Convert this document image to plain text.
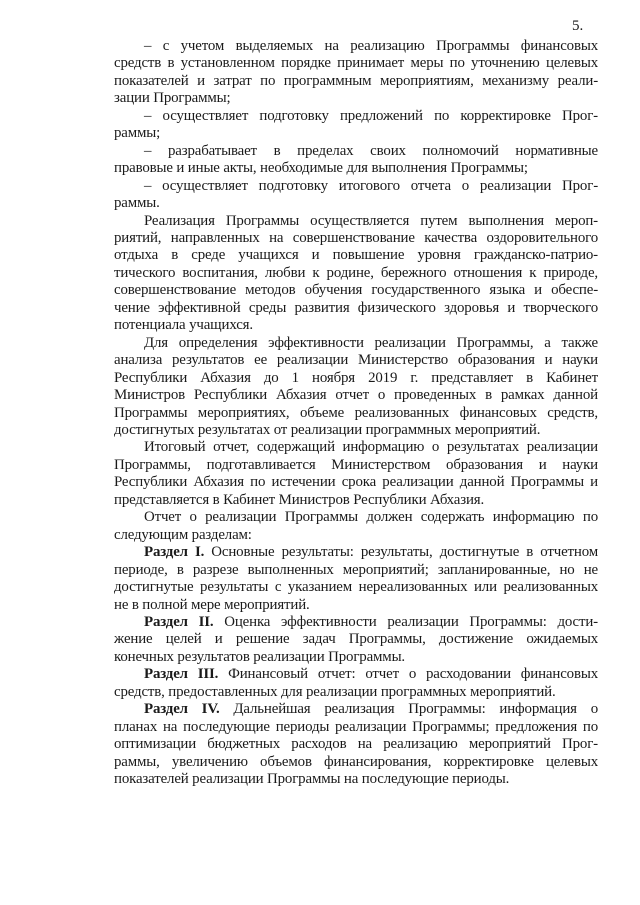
5.
– с учетом выделяемых на реализацию Программы финансовых
средств в установленном порядке принимает меры по уточнению целевых
показателей и затрат по программным мероприятиям, механизму реали-
зации Программы;
– осуществляет подготовку предложений по корректировке Прог-
раммы;
– разрабатывает в пределах своих полномочий нормативные
правовые и иные акты, необходимые для выполнения Программы;
– осуществляет подготовку итогового отчета о реализации Прог-
раммы.
Реализация Программы осуществляется путем выполнения мероп-
риятий, направленных на совершенствование качества оздоровительного
отдыха в среде учащихся и повышение уровня гражданско-патрио-
тического воспитания, любви к родине, бережного отношения к природе,
совершенствование методов обучения государственного языка и обеспе-
чение эффективной среды развития физического здоровья и творческого
потенциала учащихся.
Для определения эффективности реализации Программы, а также
анализа результатов ее реализации Министерство образования и науки
Республики Абхазия до 1 ноября 2019 г. представляет в Кабинет
Министров Республики Абхазия отчет о проведенных в рамках данной
Программы мероприятиях, объеме реализованных финансовых средств,
достигнутых результатах от реализации программных мероприятий.
Итоговый отчет, содержащий информацию о результатах реализации
Программы, подготавливается Министерством образования и науки
Республики Абхазия по истечении срока реализации данной Программы и
представляется в Кабинет Министров Республики Абхазия.
Отчет о реализации Программы должен содержать информацию по
следующим разделам:
Раздел I. Основные результаты: результаты, достигнутые в отчетном
периоде, в разрезе выполненных мероприятий; запланированные, но не
достигнутые результаты с указанием нереализованных или реализованных
не в полной мере мероприятий.
Раздел II. Оценка эффективности реализации Программы: дости-
жение целей и решение задач Программы, достижение ожидаемых
конечных результатов реализации Программы.
Раздел III. Финансовый отчет: отчет о расходовании финансовых
средств, предоставленных для реализации программных мероприятий.
Раздел IV. Дальнейшая реализация Программы: информация о
планах на последующие периоды реализации Программы; предложения по
оптимизации бюджетных расходов на реализацию мероприятий Прог-
раммы, увеличению объемов финансирования, корректировке целевых
показателей реализации Программы на последующие периоды.
